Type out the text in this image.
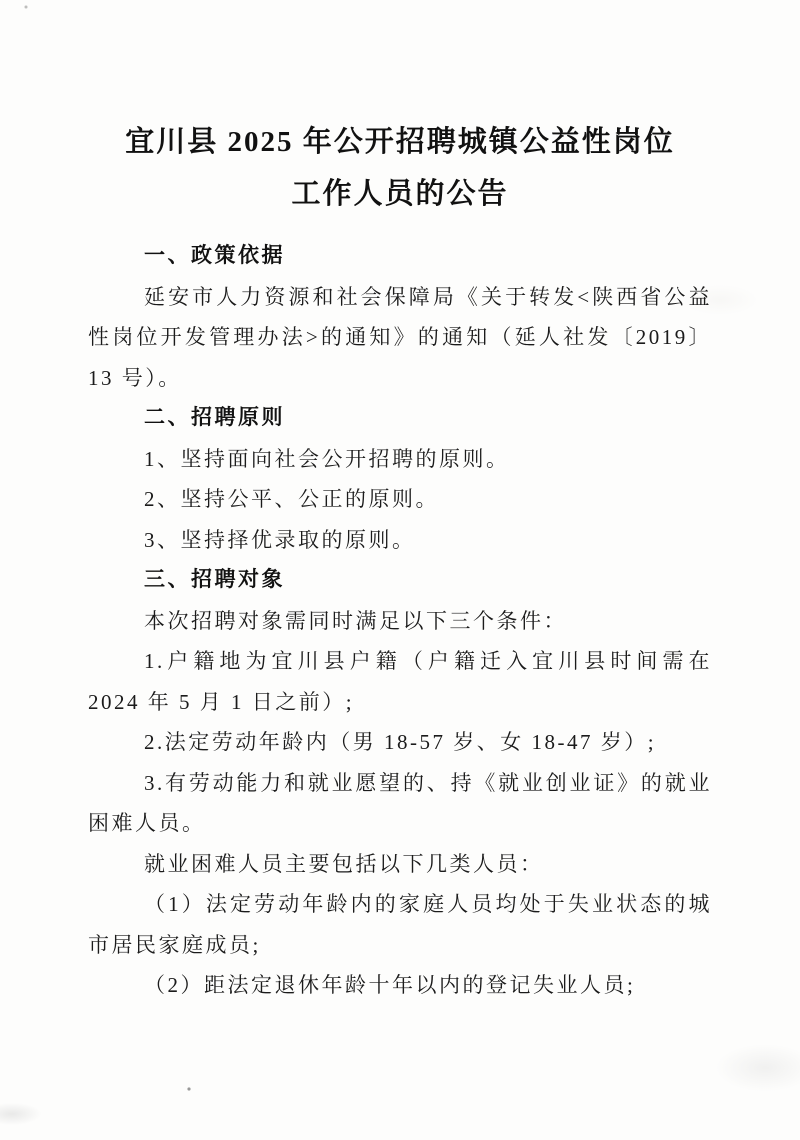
宜川县 2025 年公开招聘城镇公益性岗位
工作人员的公告

一、政策依据

延安市人力资源和社会保障局《关于转发<陕西省公益性岗位开发管理办法>的通知》的通知（延人社发〔2019〕13 号）。

二、招聘原则

1、坚持面向社会公开招聘的原则。

2、坚持公平、公正的原则。

3、坚持择优录取的原则。

三、招聘对象

本次招聘对象需同时满足以下三个条件：

1.户籍地为宜川县户籍（户籍迁入宜川县时间需在 2024 年 5 月 1 日之前）;

2.法定劳动年龄内（男 18-57 岁、女 18-47 岁）;

3.有劳动能力和就业愿望的、持《就业创业证》的就业困难人员。

就业困难人员主要包括以下几类人员：

（1）法定劳动年龄内的家庭人员均处于失业状态的城市居民家庭成员;

（2）距法定退休年龄十年以内的登记失业人员;
